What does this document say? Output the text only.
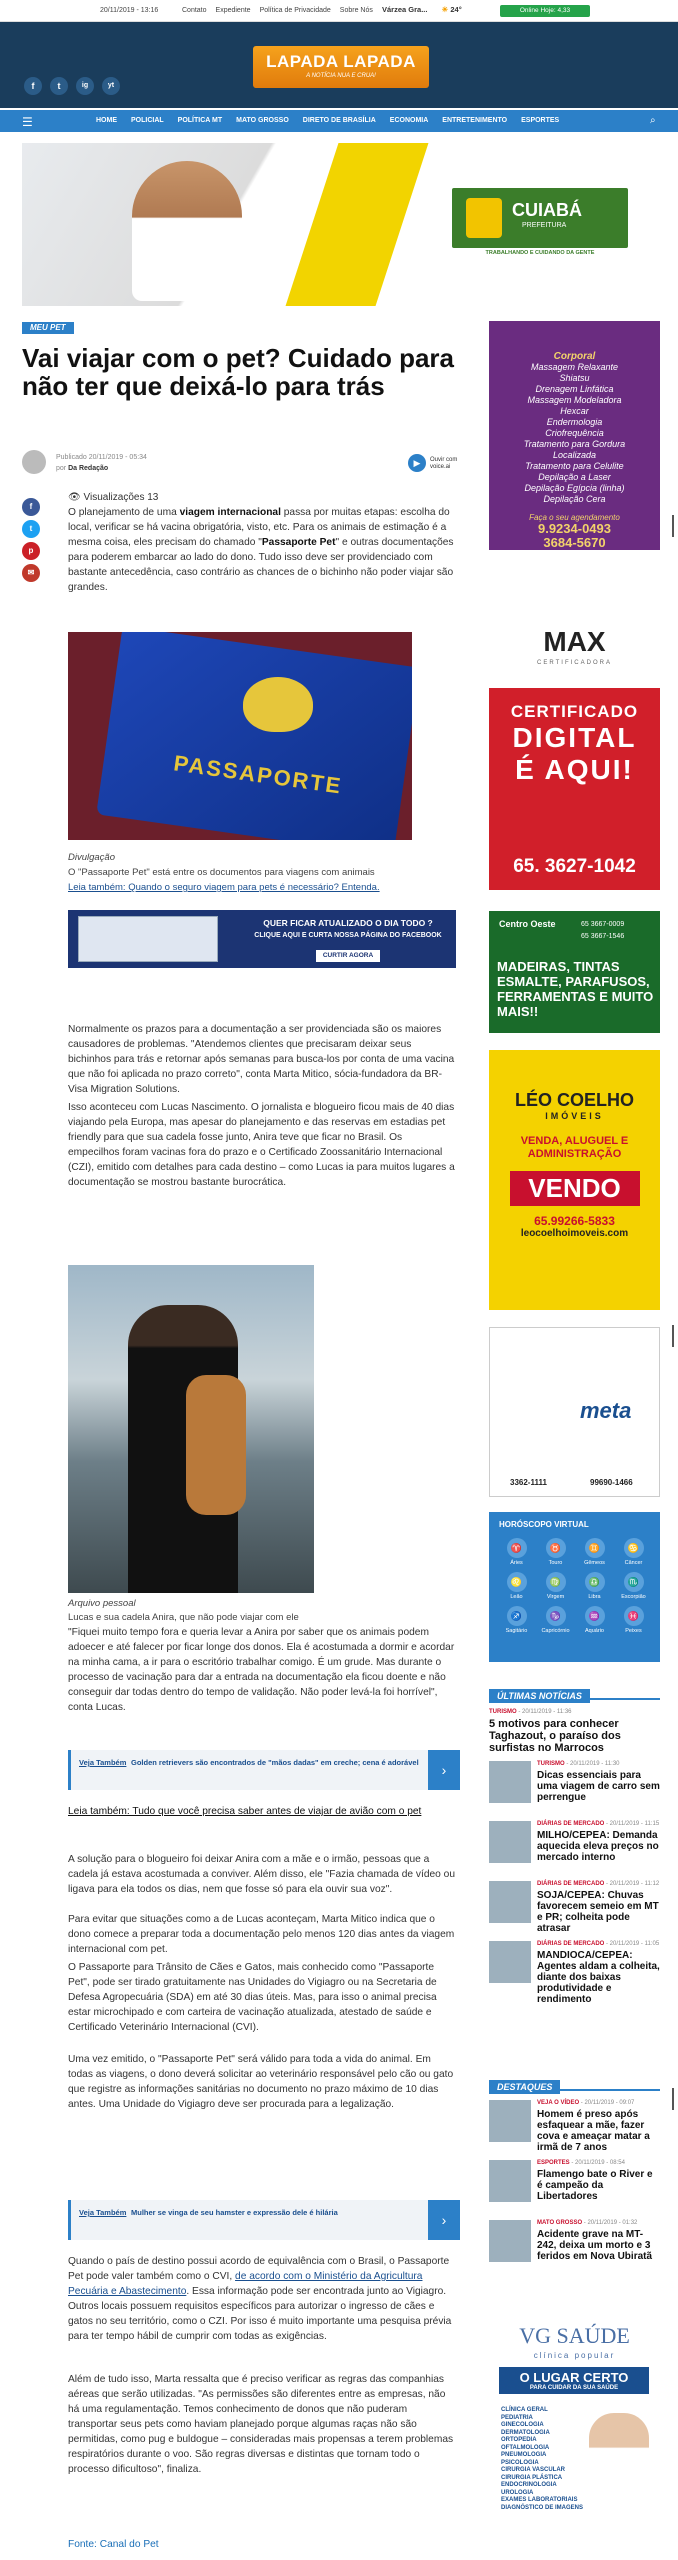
20/11/2019 - 13:16	Contato Expediente Política de Privacidade Sobre Nós Várzea Gra... ☀ 24°	Online Hoje: 4,33
f	t	ig	yt
LAPADA LAPADA
A NOTÍCIA NUA E CRUA!
☰	HOME POLICIAL POLÍTICA MT MATO GROSSO DIRETO DE BRASÍLIA ECONOMIA ENTRETENIMENTO ESPORTES	⌕
CUIABÁ
PREFEITURA
TRABALHANDO E CUIDANDO DA GENTE
MEU PET
Vai viajar com o pet? Cuidado para não ter que deixá-lo para trás
Publicado 20/11/2019 - 05:34
por Da Redação
▶	Ouvir com voice.ai
f
t
p
✉
👁 Visualizações 13

O planejamento de uma viagem internacional passa por muitas etapas: escolha do local, verificar se há vacina obrigatória, visto, etc. Para os animais de estimação é a mesma coisa, eles precisam do chamado "Passaporte Pet" e outras documentações para poderem embarcar ao lado do dono. Tudo isso deve ser providenciado com bastante antecedência, caso contrário as chances de o bichinho não poder viajar são grandes.

PASSAPORTE
Divulgação
O "Passaporte Pet" está entre os documentos para viagens com animais
Leia também: Quando o seguro viagem para pets é necessário? Entenda.
QUER FICAR ATUALIZADO O DIA TODO ?
CLIQUE AQUI E CURTA NOSSA PÁGINA DO FACEBOOK
CURTIR AGORA

Normalmente os prazos para a documentação a ser providenciada são os maiores causadores de problemas. "Atendemos clientes que precisaram deixar seus bichinhos para trás e retornar após semanas para busca-los por conta de uma vacina que não foi aplicada no prazo correto", conta Marta Mitico, sócia-fundadora da BR-Visa Migration Solutions.

Isso aconteceu com Lucas Nascimento. O jornalista e blogueiro ficou mais de 40 dias viajando pela Europa, mas apesar do planejamento e das reservas em estadias pet friendly para que sua cadela fosse junto, Anira teve que ficar no Brasil. Os empecilhos foram vacinas fora do prazo e o Certificado Zoossanitário Internacional (CZI), emitido com detalhes para cada destino – como Lucas ia para muitos lugares a documentação se mostrou bastante burocrática.

Arquivo pessoal
Lucas e sua cadela Anira, que não pode viajar com ele

"Fiquei muito tempo fora e queria levar a Anira por saber que os animais podem adoecer e até falecer por ficar longe dos donos. Ela é acostumada a dormir e acordar na minha cama, a ir para o escritório trabalhar comigo. É um grude. Mas durante o processo de vacinação para dar a entrada na documentação ela ficou doente e não conseguir dar todas dentro do tempo de validação. Não poder levá-la foi horrível", conta Lucas.

Veja Também Golden retrievers são encontrados de "mãos dadas" em creche; cena é adorável	›
Leia também: Tudo que você precisa saber antes de viajar de avião com o pet

A solução para o blogueiro foi deixar Anira com a mãe e o irmão, pessoas que a cadela já estava acostumada a conviver. Além disso, ele "Fazia chamada de vídeo ou ligava para ela todos os dias, nem que fosse só para ela ouvir sua voz".

Para evitar que situações como a de Lucas aconteçam, Marta Mitico indica que o dono comece a preparar toda a documentação pelo menos 120 dias antes da viagem internacional com pet.

O Passaporte para Trânsito de Cães e Gatos, mais conhecido como "Passaporte Pet", pode ser tirado gratuitamente nas Unidades do Vigiagro ou na Secretaria de Defesa Agropecuária (SDA) em até 30 dias úteis. Mas, para isso o animal precisa estar microchipado e com carteira de vacinação atualizada, atestado de saúde e Certificado Veterinário Internacional (CVI).

Uma vez emitido, o "Passaporte Pet" será válido para toda a vida do animal. Em todas as viagens, o dono deverá solicitar ao veterinário responsável pelo cão ou gato que registre as informações sanitárias no documento no prazo máximo de 10 dias antes. Uma Unidade do Vigiagro deve ser procurada para a legalização.

Veja Também Mulher se vinga de seu hamster e expressão dele é hilária	›

Quando o país de destino possui acordo de equivalência com o Brasil, o Passaporte Pet pode valer também como o CVI, de acordo com o Ministério da Agricultura Pecuária e Abastecimento. Essa informação pode ser encontrada junto ao Vigiagro. Outros locais possuem requisitos específicos para autorizar o ingresso de cães e gatos no seu território, como o CZI. Por isso é muito importante uma pesquisa prévia para ter tempo hábil de cumprir com todas as exigências.

Além de tudo isso, Marta ressalta que é preciso verificar as regras das companhias aéreas que serão utilizadas. "As permissões são diferentes entre as empresas, não há uma regulamentação. Temos conhecimento de donos que não puderam transportar seus pets como haviam planejado porque algumas raças não são permitidas, como pug e buldogue – consideradas mais propensas a terem problemas respiratórios durante o voo. São regras diversas e distintas que tornam todo o processo dificultoso", finaliza.

Fonte: Canal do Pet
Corporal
Massagem Relaxante
Shiatsu
Drenagem Linfática
Massagem Modeladora
Hexcar
Endermologia
Criofrequência
Tratamento para Gordura
Localizada
Tratamento para Celulite
Depilação a Laser
Depilação Egípcia (linha)
Depilação Cera
Faça o seu agendamento
9.9234-0493
3684-5670
MAX
CERTIFICADORA
CERTIFICADO
DIGITAL
É AQUI!
65. 3627-1042
Centro Oeste	65 3667-0009
65 3667-1546
MADEIRAS, TINTAS ESMALTE, PARAFUSOS, FERRAMENTAS E MUITO MAIS!!
LÉO COELHO
IMÓVEIS
VENDA, ALUGUEL E ADMINISTRAÇÃO
VENDO
65.99266-5833
leocoelhoimoveis.com
meta
3362-1111	99690-1466
HORÓSCOPO VIRTUAL
♈
Áries
♉
Touro
♊
Gêmeos
♋
Câncer
♌
Leão
♍
Virgem
♎
Libra
♏
Escorpião
♐
Sagitário
♑
Capricórnio
♒
Aquário
♓
Peixes
ÚLTIMAS NOTÍCIAS
TURISMO - 20/11/2019 - 11:36
5 motivos para conhecer Taghazout, o paraíso dos surfistas no Marrocos
TURISMO - 20/11/2019 - 11:30
Dicas essenciais para uma viagem de carro sem perrengue
DIÁRIAS DE MERCADO - 20/11/2019 - 11:15
MILHO/CEPEA: Demanda aquecida eleva preços no mercado interno
DIÁRIAS DE MERCADO - 20/11/2019 - 11:12
SOJA/CEPEA: Chuvas favorecem semeio em MT e PR; colheita pode atrasar
DIÁRIAS DE MERCADO - 20/11/2019 - 11:05
MANDIOCA/CEPEA: Agentes aldam a colheita, diante dos baixas produtividade e rendimento
DESTAQUES
VEJA O VÍDEO - 20/11/2019 - 09:07
Homem é preso após esfaquear a mãe, fazer cova e ameaçar matar a irmã de 7 anos
ESPORTES - 20/11/2019 - 08:54
Flamengo bate o River e é campeão da Libertadores
MATO GROSSO - 20/11/2019 - 01:32
Acidente grave na MT-242, deixa um morto e 3 feridos em Nova Ubiratã
VG SAÚDE
clínica popular
O LUGAR CERTO
PARA CUIDAR DA SUA SAÚDE
CLÍNICA GERAL
PEDIATRIA
GINECOLOGIA
DERMATOLOGIA
ORTOPEDIA
OFTALMOLOGIA
PNEUMOLOGIA
PSICOLOGIA
CIRURGIA VASCULAR
CIRURGIA PLÁSTICA
ENDOCRINOLOGIA
UROLOGIA
EXAMES LABORATORIAIS
DIAGNÓSTICO DE IMAGENS
